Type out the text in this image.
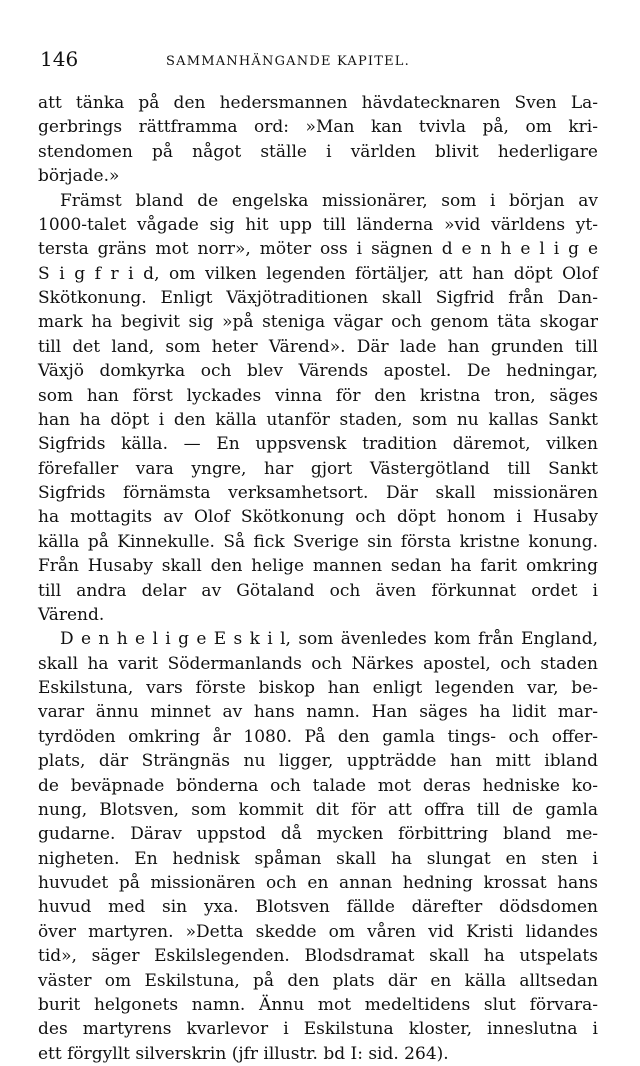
146	SAMMANHÄNGANDE KAPITEL.
att tänka på den hedersmannen hävdatecknaren Sven La-
gerbrings rättframma ord: »Man kan tvivla på, om kri-
stendomen på något ställe i världen blivit hederligare
började.»
Främst bland de engelska missionärer, som i början av
1000-talet vågade sig hit upp till länderna »vid världens yt-
tersta gräns mot norr», möter oss i sägnen d e n h e l i g e
S i g f r i d, om vilken legenden förtäljer, att han döpt Olof
Skötkonung. Enligt Växjötraditionen skall Sigfrid från Dan-
mark ha begivit sig »på steniga vägar och genom täta skogar
till det land, som heter Värend». Där lade han grunden till
Växjö domkyrka och blev Värends apostel. De hedningar,
som han först lyckades vinna för den kristna tron, säges
han ha döpt i den källa utanför staden, som nu kallas Sankt
Sigfrids källa. — En uppsvensk tradition däremot, vilken
förefaller vara yngre, har gjort Västergötland till Sankt
Sigfrids förnämsta verksamhetsort. Där skall missionären
ha mottagits av Olof Skötkonung och döpt honom i Husaby
källa på Kinnekulle. Så fick Sverige sin första kristne konung.
Från Husaby skall den helige mannen sedan ha farit omkring
till andra delar av Götaland och även förkunnat ordet i
Värend.
D e n h e l i g e E s k i l, som ävenledes kom från England,
skall ha varit Södermanlands och Närkes apostel, och staden
Eskilstuna, vars förste biskop han enligt legenden var, be-
varar ännu minnet av hans namn. Han säges ha lidit mar-
tyrdöden omkring år 1080. På den gamla tings- och offer-
plats, där Strängnäs nu ligger, uppträdde han mitt ibland
de beväpnade bönderna och talade mot deras hedniske ko-
nung, Blotsven, som kommit dit för att offra till de gamla
gudarne. Därav uppstod då mycken förbittring bland me-
nigheten. En hednisk spåman skall ha slungat en sten i
huvudet på missionären och en annan hedning krossat hans
huvud med sin yxa. Blotsven fällde därefter dödsdomen
över martyren. »Detta skedde om våren vid Kristi lidandes
tid», säger Eskilslegenden. Blodsdramat skall ha utspelats
väster om Eskilstuna, på den plats där en källa alltsedan
burit helgonets namn. Ännu mot medeltidens slut förvara-
des martyrens kvarlevor i Eskilstuna kloster, inneslutna i
ett förgyllt silverskrin (jfr illustr. bd I: sid. 264).
